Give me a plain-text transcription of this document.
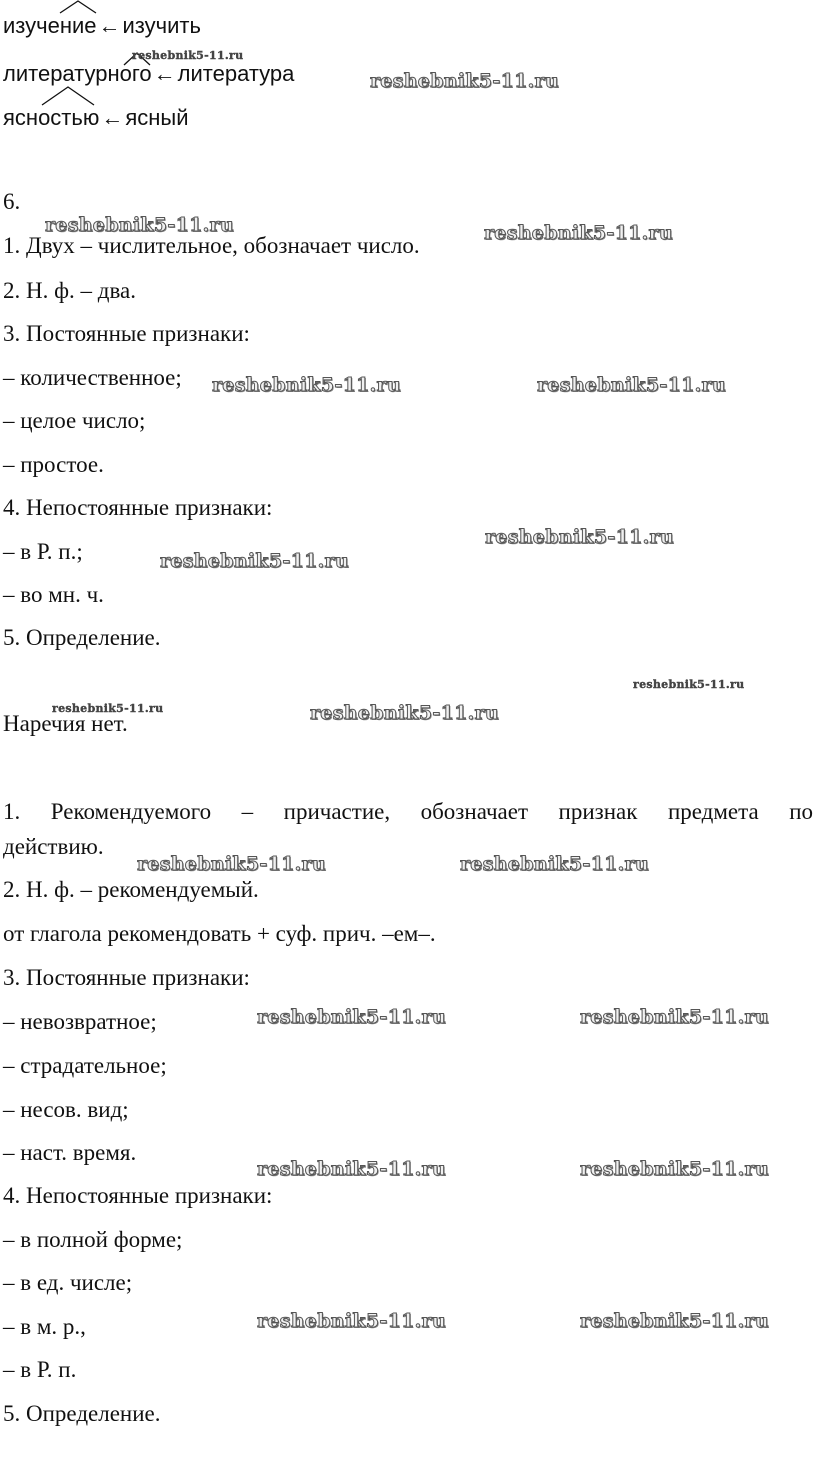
изучение←изучить

литературного←литература

ясностью←ясный

6.

1. Двух – числительное, обозначает число.

2. Н. ф. – два.

3. Постоянные признаки:

– количественное;

– целое число;

– простое.

4. Непостоянные признаки:

– в Р. п.;

– во мн. ч.

5. Определение.

Наречия нет.

1. Рекомендуемого – причастие, обозначает признак предмета по

действию.

2. Н. ф. – рекомендуемый.

от глагола рекомендовать + суф. прич. –ем–.

3. Постоянные признаки:

– невозвратное;

– страдательное;

– несов. вид;

– наст. время.

4. Непостоянные признаки:

– в полной форме;

– в ед. числе;

– в м. р.,

– в Р. п.

5. Определение.

reshebnik5-11.ru
reshebnik5-11.ru
reshebnik5-11.ru	reshebnik5-11.ru
reshebnik5-11.ru	reshebnik5-11.ru
reshebnik5-11.ru
reshebnik5-11.ru
reshebnik5-11.ru
reshebnik5-11.ru	reshebnik5-11.ru
reshebnik5-11.ru	reshebnik5-11.ru
reshebnik5-11.ru	reshebnik5-11.ru
reshebnik5-11.ru	reshebnik5-11.ru
reshebnik5-11.ru	reshebnik5-11.ru
